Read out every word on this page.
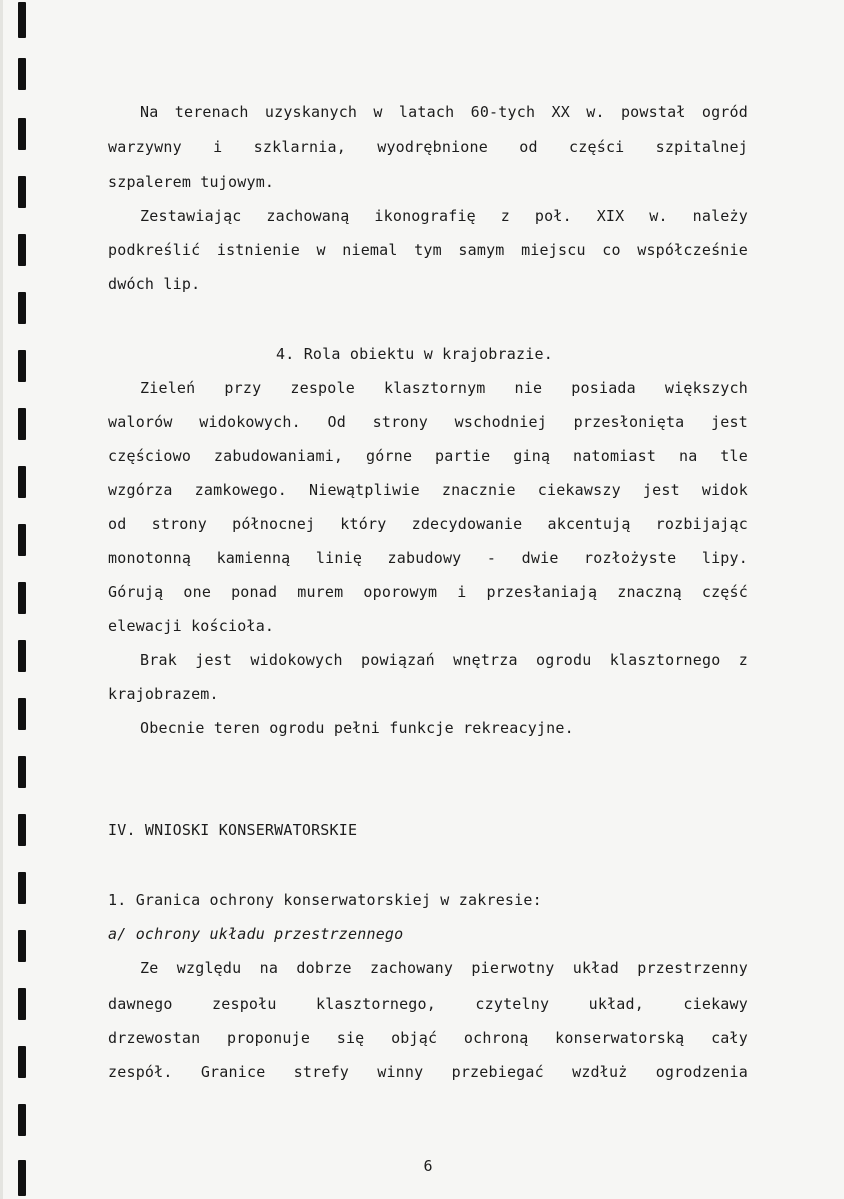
Na terenach uzyskanych w latach 60-tych XX w. powstał ogród
warzywny i szklarnia, wyodrębnione od części szpitalnej
szpalerem tujowym.
Zestawiając zachowaną ikonografię z poł. XIX w. należy
podkreślić istnienie w niemal tym samym miejscu co współcześnie
dwóch lip.
4. Rola obiektu w krajobrazie.
Zieleń przy zespole klasztornym nie posiada większych
walorów widokowych. Od strony wschodniej przesłonięta jest
częściowo zabudowaniami, górne partie giną natomiast na tle
wzgórza zamkowego. Niewątpliwie znacznie ciekawszy jest widok
od strony północnej który zdecydowanie akcentują rozbijając
monotonną kamienną linię zabudowy - dwie rozłożyste lipy.
Górują one ponad murem oporowym i przesłaniają znaczną część
elewacji kościoła.
Brak jest widokowych powiązań wnętrza ogrodu klasztornego z
krajobrazem.
Obecnie teren ogrodu pełni funkcje rekreacyjne.
IV. WNIOSKI KONSERWATORSKIE
1. Granica ochrony konserwatorskiej w zakresie:
a/ ochrony układu przestrzennego
Ze względu na dobrze zachowany pierwotny układ przestrzenny
dawnego zespołu klasztornego, czytelny układ, ciekawy
drzewostan proponuje się objąć ochroną konserwatorską cały
zespół. Granice strefy winny przebiegać wzdłuż ogrodzenia
6
